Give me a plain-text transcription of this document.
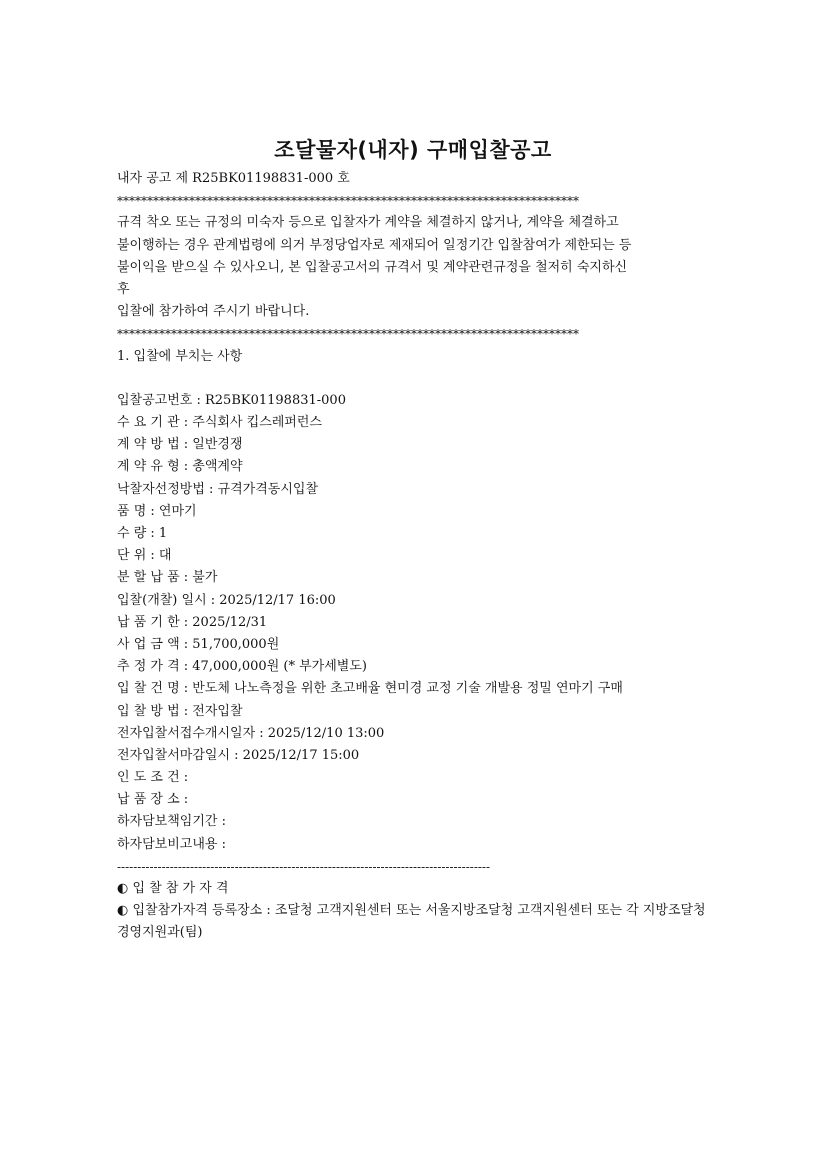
조달물자(내자) 구매입찰공고
내자 공고 제 R25BK01198831-000 호
*****************************************************************************
규격 착오 또는 규정의 미숙자 등으로 입찰자가 계약을 체결하지 않거나, 계약을 체결하고
불이행하는 경우 관계법령에 의거 부정당업자로 제재되어 일정기간 입찰참여가 제한되는 등
불이익을 받으실 수 있사오니, 본 입찰공고서의 규격서 및 계약관련규정을 철저히 숙지하신
후
입찰에 참가하여 주시기 바랍니다.
*****************************************************************************
1. 입찰에 부치는 사항
입찰공고번호 : R25BK01198831-000
수 요 기 관 : 주식회사 킵스레퍼런스
계 약 방 법 : 일반경쟁
계 약 유 형 : 총액계약
낙찰자선정방법 : 규격가격동시입찰
품 명 : 연마기
수 량 : 1
단 위 : 대
분 할 납 품 : 불가
입찰(개찰) 일시 : 2025/12/17 16:00
납 품 기 한 : 2025/12/31
사 업 금 액 : 51,700,000원
추 정 가 격 : 47,000,000원 (* 부가세별도)
입 찰 건 명 : 반도체 나노측정을 위한 초고배율 현미경 교정 기술 개발용 정밀 연마기 구매
입 찰 방 법 : 전자입찰
전자입찰서접수개시일자 : 2025/12/10 13:00
전자입찰서마감일시 : 2025/12/17 15:00
인 도 조 건 :
납 품 장 소 :
하자담보책임기간 :
하자담보비고내용 :
--------------------------------------------------------------------------------------------
◐ 입 찰 참 가 자 격
◐ 입찰참가자격 등록장소 : 조달청 고객지원센터 또는 서울지방조달청 고객지원센터 또는 각 지방조달청 경영지원과(팀)
